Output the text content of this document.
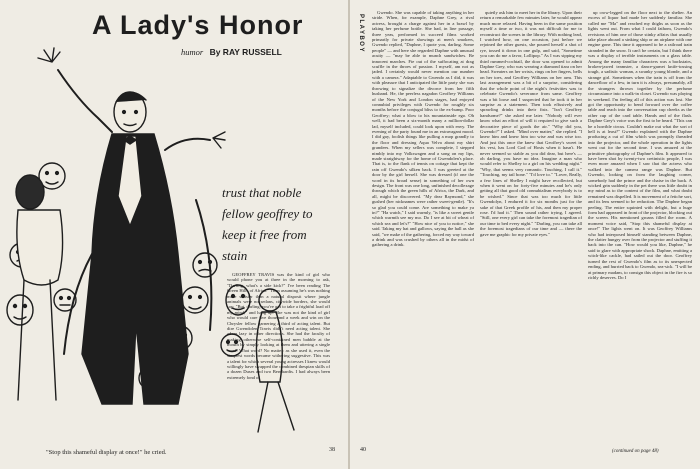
A Lady's Honor
humor By RAY RUSSELL
trust that noble fellow geoffrey to keep it free from stain

GEOFFREY TRAVIS was the kind of girl who would phone you at three in the morning to ask, "Darling, what's a side kick?" I've been reading The Green Hills of Africa." Then assuming he's was nothing more sinister than a natural disposit where jungle animals were no sedans, citywide borders, she would say: "But, darling, you've got to take a frightful load off my mind," and hang up. She was not the kind of girl who would care five thousand a week and win on the Chrysler fellow garnering a third of acting talent. But dire Gwendolen Travis didn't need acting talent. She adore lazy in other directions. She had the faculty of making otherwise self-contained men babble at the mouth by simply looking at them and uttering a single word. What word? No matter: as she used it, even the simplest words became withering suggestive. This was a talent for which several young actresses I knew would willingly have swapped the combined thespian skills of a dozen Duses and two Bernhardts. I had always been extremely fond of

PLAYBOY

Gwendo. She was capable of taking anything in her stride. When, for example, Daphne Grey, a rival actress, brought a charge against her in a brawl by taking her perfume bottle. She had, in line passage, three yeas, performed in succeed films worked primarily for private showings at men's smokers, Gwendo replied, "Daphne, I quote you, darling. Some people" — and here she regarded Daphne with unusual acuity — "may be able to munch sandwiches. Be innocent marches. Fie out of the suffocating at drag scuffle in the throes of passion. I myself, am not as jaded. I certainly would never mention our number with a camera." Adaptable to Gwendo as I did, it was with pleasure that I anticipated the little party she was throwing to signalize the divorce from her fifth husband. He, the peerless nagadon Geoffrey Williams of the New York and London stages, had enjoyed connubial privileges with Gwendo for roughly six months before the conjugal bliss to the ex-hump. Poor Geoffrey; what a blow to his mountainside ego. Oh well, it had been a six-month many a million-dollar lad, myself included, could look upon with envy. The evening of the party found me in an extravagant mood. I did gay, foolish things like pulling a mop grandly to the floor and dressing Aqua Velva about my shirt grandees. When my sellers was complete, I stepped nimbly into my Volkswagen and a song on my lips, made straightway for the home of Gwendolen's place. That is, to the flank of tennis on cottage that kept the rain off Gwendo's silken back. I was greeted at the door by the girl herself. She was dressed (if one the word in its broad sense) in something of her own design. The front was one long, unfinished decollexage through which the green hills of Africa, the Dark, and all, might be discovered. "My dear Raymond," she gushed (her nicknames were rather sweet-gentle). "It's so glad you could come. Are something to make ya in?" "Ha watch," I said warmly, "is like a sweet gentle which warmth see my mo. Do I see at bit of wheat of which sea and let's?" "How nice of you to notice," she said. Taking my hat and gallows, saying the hall as she said, "we make of the gathering, forced my way toward a drink and was crushed by others all in the midst of gathering a drink.

quietly ask him to meet her in the library. Upon their return a remarkable few minutes later, he would appear much more relaxed. Having been in the same position myself a time or two, it was not difficult for me to reconstruct the scenes in the library. With nothing lead, I watched how, on one occasion, just before we rejoined the other guests, she poured herself a shot of rye, tossed it down in one gulp, and said, "Sometime you can do me a favor, Lollipop." As I was sipping my third rummed-cochtail, the door was opened to admit Daphne Grey, who was wearing a diamond tiara on her head. Sweaters on her wrists, rings on her fingers, bells on her toes, and Geoffrey Williams on her arm. This last arrangement was a bit of a surprise, considering that the whole point of the night's festivities was to celebrate Gwendo's severance from same. Geoffrey was a bit loose and I suspected that he took it in her surprise as a statement. Then took effusively and sprawling drinks into their fists. "Isn't Geoffrey handsome?" she asked me later. "Nobody will ever know what an effort of will it required to give such a decorative piece of goods the air." "Why did you, Gwendo?" I asked. "Mind over matter," she replied. "I knew him and knew him too wise and was wise too. And just this once the knew that Geoffrey's sweet in his vest, has Lord God of Hosts when it hasn't. He never seemed so stable as you did dear, but here's — oh darling, you have no idea. Imagine a man who would refer to Shelley to a girl on his wedding night." "Why, that seems very romantic. Touching, I call it." "Touching, my tail bone." "I'd love to." "Lover, Really, a few lines of Shelley I might have recollected, but when it went on for forty-five minutes and he's only getting all that good old connubialism everybody is to be wished." Since that was too much for little Gwendolyn, I endured it for six months just for the sake of that Greek profile of his, and then my proper rose. I'd had it." Then sound rather trying, I agreed. "Still, one every girl can take the foremost tragedian of our time to bed every night." "Darling, you can take all the foremost tragedians of our time and — there the gave me graphic for my private eyes."

up crow-legged on the floor next to the shelter. An excess of liquor had made her suddenly familiar. She called me "Ma" and reached my thighs as soon as the lights went out. From what I could fathom, Gwendo's revisions of him one of those stinky affairs that usually take place aboard a sinking ship or an airplane with one engine gone. This time it appeared to be a railroad train stranded in the snow. It can't be certain, but I think there was a display of terrible instruments on a glass table. Among the many familiar characters was a backstairs, broken-jawed teamster, a dance-garnet knife-tossing tough, a sadistic woman, a swanky young blonde, and a strange girl. Sometimes when the train is off from the dancefloor of a few, in turn it is always, presumably, all the strangers thrown together by the perfume circumstance into a walk-in closet. Gwendo was playing in weekend. I'm feeling all of this action was lost. She got the opportunity to bend forward over the coffee table and reach into the conversation cup cheeks as the other cup of the card table. Hands and of the flash. Daphne Grey's voice was the first to be heard. "This can be a horrible circus. Couldn't make out what the sort of hell is at least?" Gwendo explained with the Daphne producing a cut of film which was promptly threaded into the projector, and the whole operation in the lights went out for the second time. I was amazed at the primitive photography of Daphne's film. It appeared to have been shot by twenty-two cretinistic people, I was even more amazed when I saw that the actress who walked into the camera range was Daphne. But Gwendo, looking on from the laughing corner, somebody had the prince and the chaise in the back. A wicked grin suddenly in the pet there was little doubt in my mind as to the content of the film, and what doubt remained was dispelled. It is movement of a fetiche sort, and its lens seemed to be reduction. The Daphne began peeling. The entire squinted with delight, but a huge form had appeared in front of the projector, blocking out the screen. His mentioned groans filled the room. A moment voice said, "Stop this shameful display at once!" The lights went on. It was Geoffrey Williams who had interposed himself standing between Daphne, the clatter hungry over from the projector and stuffing it back into the can. "How would you like, Daphne," he said to glare with appropriate shock. Daphne, emitting a witch-like cackle, had sailed out the door. Geoffrey turned the rest of Gwendo's film as to its unexpected ending, and hurried back to Gwendo, sea-sick. "I will be at primary madam, to consign this object in the fire is so richly deserves. Do I

"Stop this shameful display at once!" he cried.	38	40	(continued on page 48)
